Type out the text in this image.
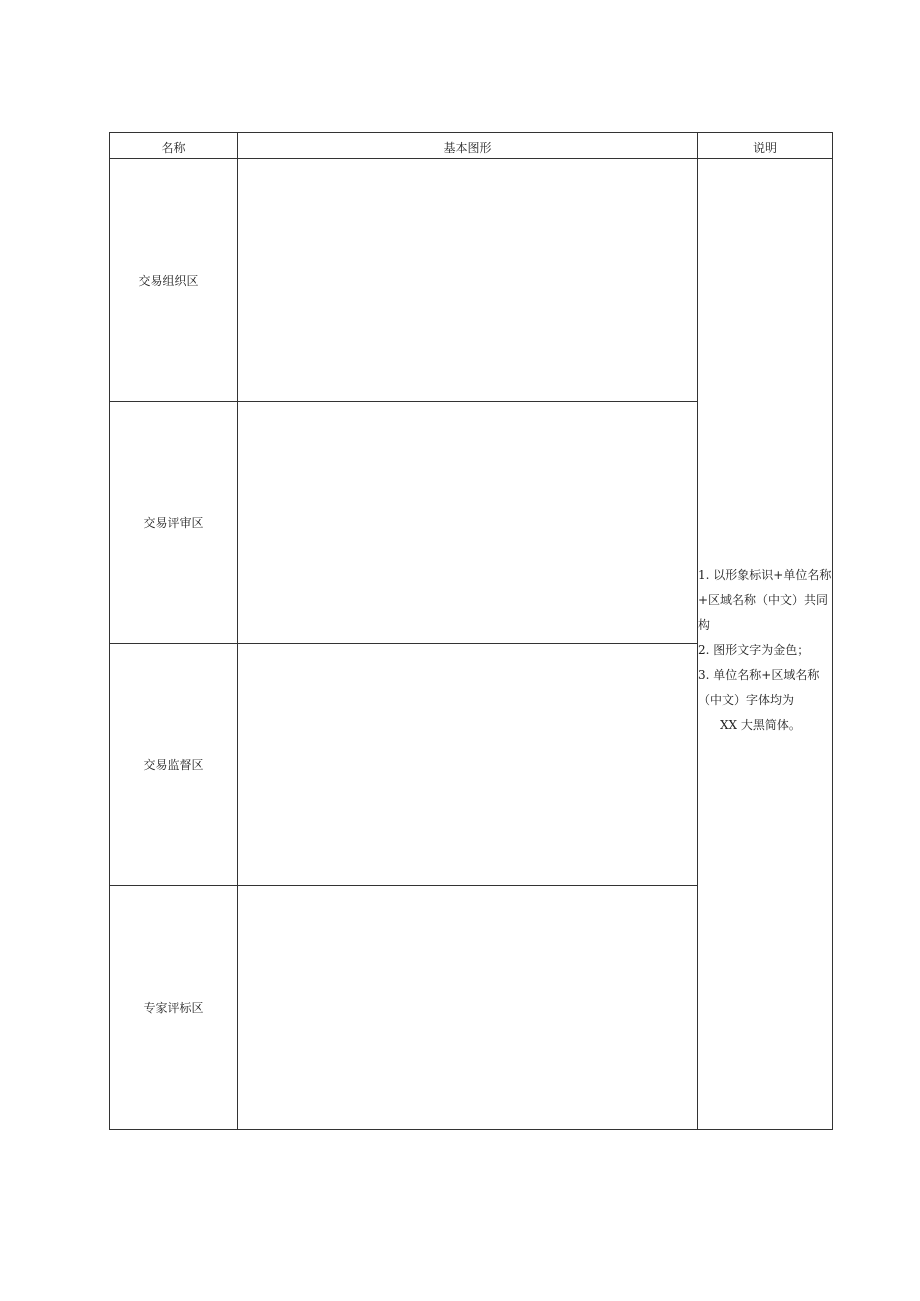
名称	基本图形	说明
交易组织区
交易评审区
交易监督区
专家评标区
1. 以形象标识+单位名称
+区域名称（中文）共同
构
2. 图形文字为金色；
3. 单位名称+区域名称
（中文）字体均为
XX 大黑简体。
